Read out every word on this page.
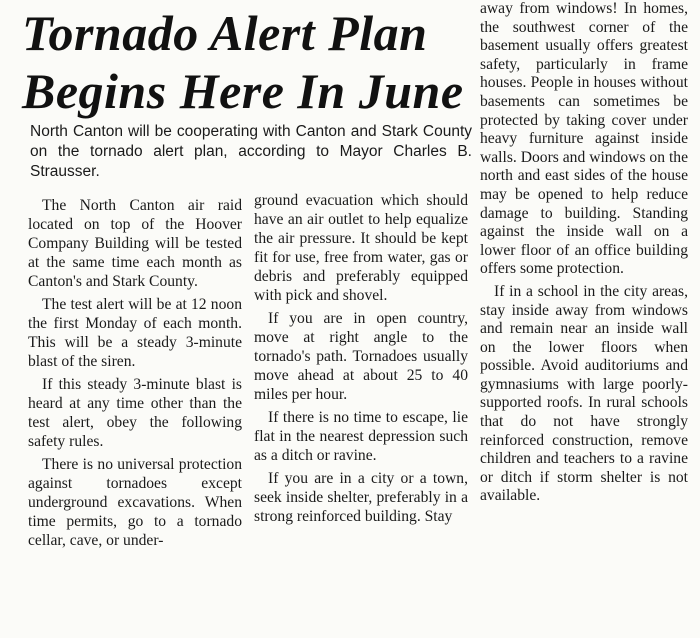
Tornado Alert Plan
Begins Here In June

North Canton will be cooperating with Canton and Stark County on the tornado alert plan, according to Mayor Charles B. Strausser.

The North Canton air raid located on top of the Hoover Company Building will be tested at the same time each month as Canton's and Stark County.

The test alert will be at 12 noon the first Monday of each month. This will be a steady 3-minute blast of the siren.

If this steady 3-minute blast is heard at any time other than the test alert, obey the following safety rules.

There is no universal protection against tornadoes except underground excavations. When time permits, go to a tornado cellar, cave, or under-

ground evacuation which should have an air outlet to help equalize the air pressure. It should be kept fit for use, free from water, gas or debris and preferably equipped with pick and shovel.

If you are in open country, move at right angle to the tornado's path. Tornadoes usually move ahead at about 25 to 40 miles per hour.

If there is no time to escape, lie flat in the nearest depression such as a ditch or ravine.

If you are in a city or a town, seek inside shelter, preferably in a strong reinforced building. Stay

away from windows! In homes, the southwest corner of the basement usually offers greatest safety, particularly in frame houses. People in houses without basements can sometimes be protected by taking cover under heavy furniture against inside walls. Doors and windows on the north and east sides of the house may be opened to help reduce damage to building. Standing against the inside wall on a lower floor of an office building offers some protection.

If in a school in the city areas, stay inside away from windows and remain near an inside wall on the lower floors when possible. Avoid auditoriums and gymnasiums with large poorly-supported roofs. In rural schools that do not have strongly reinforced construction, remove children and teachers to a ravine or ditch if storm shelter is not available.
